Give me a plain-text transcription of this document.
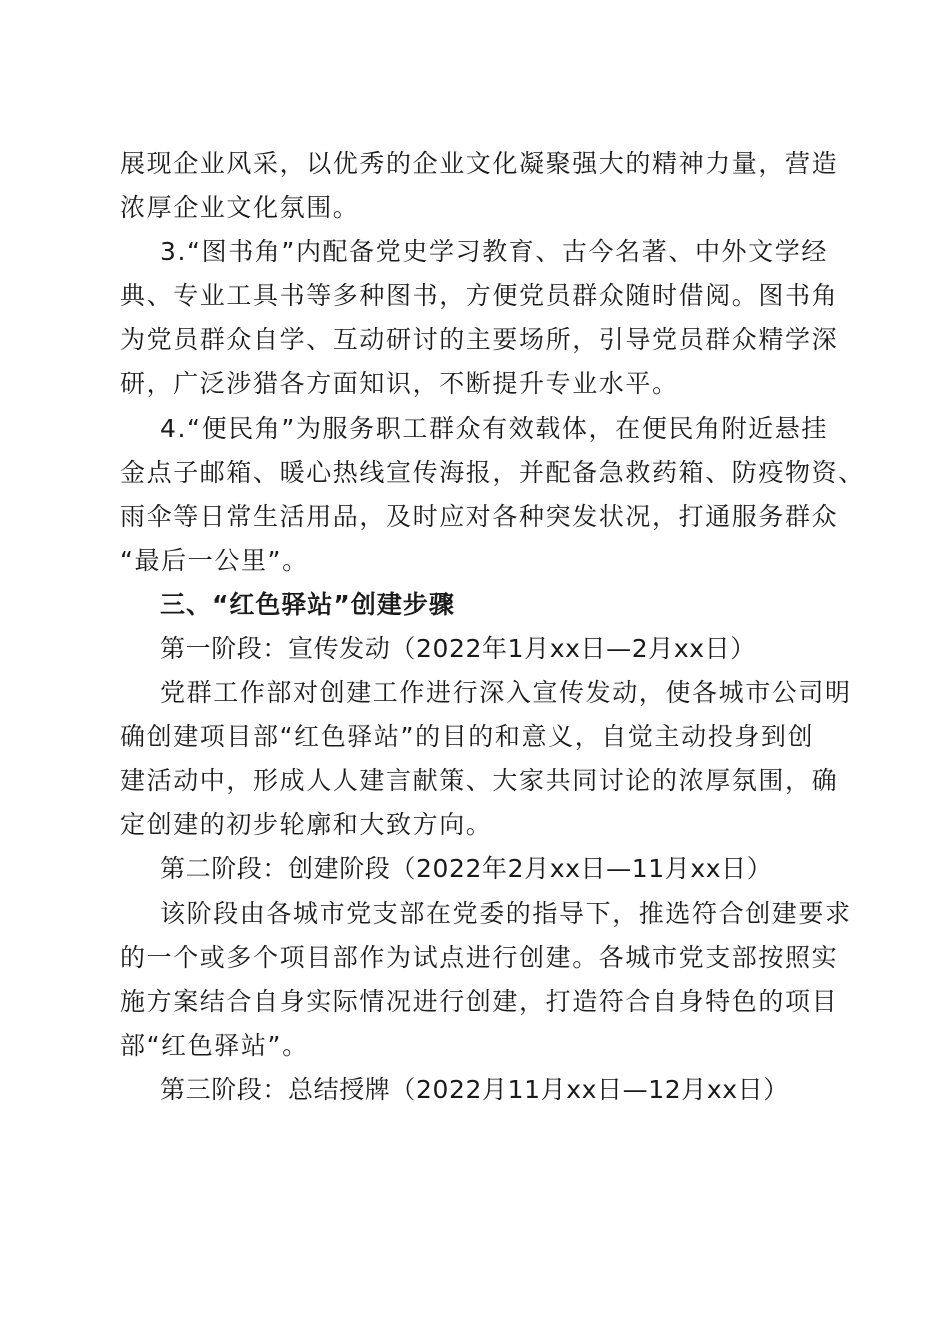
展现企业风采，以优秀的企业文化凝聚强大的精神力量，营造
浓厚企业文化氛围。
3.“图书角”内配备党史学习教育、古今名著、中外文学经
典、专业工具书等多种图书，方便党员群众随时借阅。图书角
为党员群众自学、互动研讨的主要场所，引导党员群众精学深
研，广泛涉猎各方面知识，不断提升专业水平。
4.“便民角”为服务职工群众有效载体，在便民角附近悬挂
金点子邮箱、暖心热线宣传海报，并配备急救药箱、防疫物资、
雨伞等日常生活用品，及时应对各种突发状况，打通服务群众
“最后一公里”。
三、“红色驿站”创建步骤
第一阶段：宣传发动（2022年1月xx日—2月xx日）
党群工作部对创建工作进行深入宣传发动，使各城市公司明
确创建项目部“红色驿站”的目的和意义，自觉主动投身到创
建活动中，形成人人建言献策、大家共同讨论的浓厚氛围，确
定创建的初步轮廓和大致方向。
第二阶段：创建阶段（2022年2月xx日—11月xx日）
该阶段由各城市党支部在党委的指导下，推选符合创建要求
的一个或多个项目部作为试点进行创建。各城市党支部按照实
施方案结合自身实际情况进行创建，打造符合自身特色的项目
部“红色驿站”。
第三阶段：总结授牌（2022月11月xx日—12月xx日）
